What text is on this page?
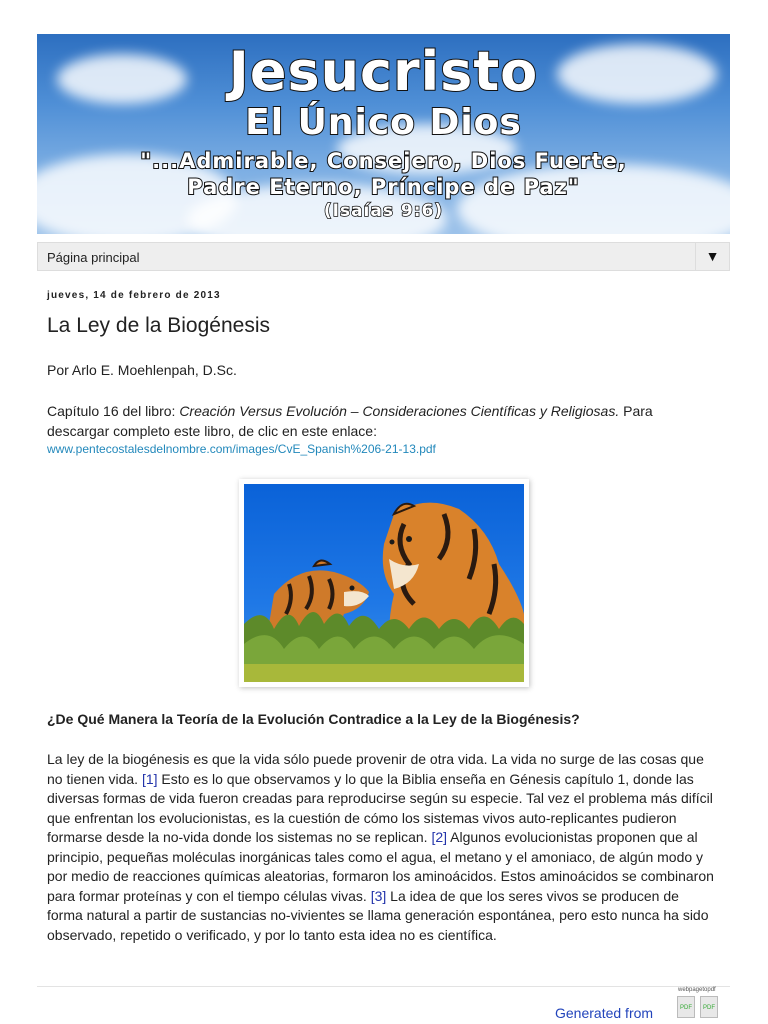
Jesucristo
El Único Dios
"...Admirable, Consejero, Dios Fuerte,
Padre Eterno, Príncipe de Paz"
(Isaías 9:6)
Página principal	▼
jueves, 14 de febrero de 2013
La Ley de la Biogénesis
Por Arlo E. Moehlenpah, D.Sc.
Capítulo 16 del libro: Creación Versus Evolución – Consideraciones Científicas y Religiosas. Para descargar completo este libro, de clic en este enlace:
www.pentecostalesdelnombre.com/images/CvE_Spanish%206-21-13.pdf
¿De Qué Manera la Teoría de la Evolución Contradice a la Ley de la Biogénesis?
La ley de la biogénesis es que la vida sólo puede provenir de otra vida. La vida no surge de las cosas que no tienen vida. [1] Esto es lo que observamos y lo que la Biblia enseña en Génesis capítulo 1, donde las diversas formas de vida fueron creadas para reproducirse según su especie. Tal vez el problema más difícil que enfrentan los evolucionistas, es la cuestión de cómo los sistemas vivos auto-replicantes pudieron formarse desde la no-vida donde los sistemas no se replican. [2] Algunos evolucionistas proponen que al principio, pequeñas moléculas inorgánicas tales como el agua, el metano y el amoniaco, de algún modo y por medio de reacciones químicas aleatorias, formaron los aminoácidos. Estos aminoácidos se combinaron para formar proteínas y con el tiempo células vivas. [3] La idea de que los seres vivos se producen de forma natural a partir de sustancias no-vivientes se llama generación espontánea, pero esto nunca ha sido observado, repetido o verificado, y por lo tanto esta idea no es científica.
Generated from
webpagetopdf
PDF	PDF
